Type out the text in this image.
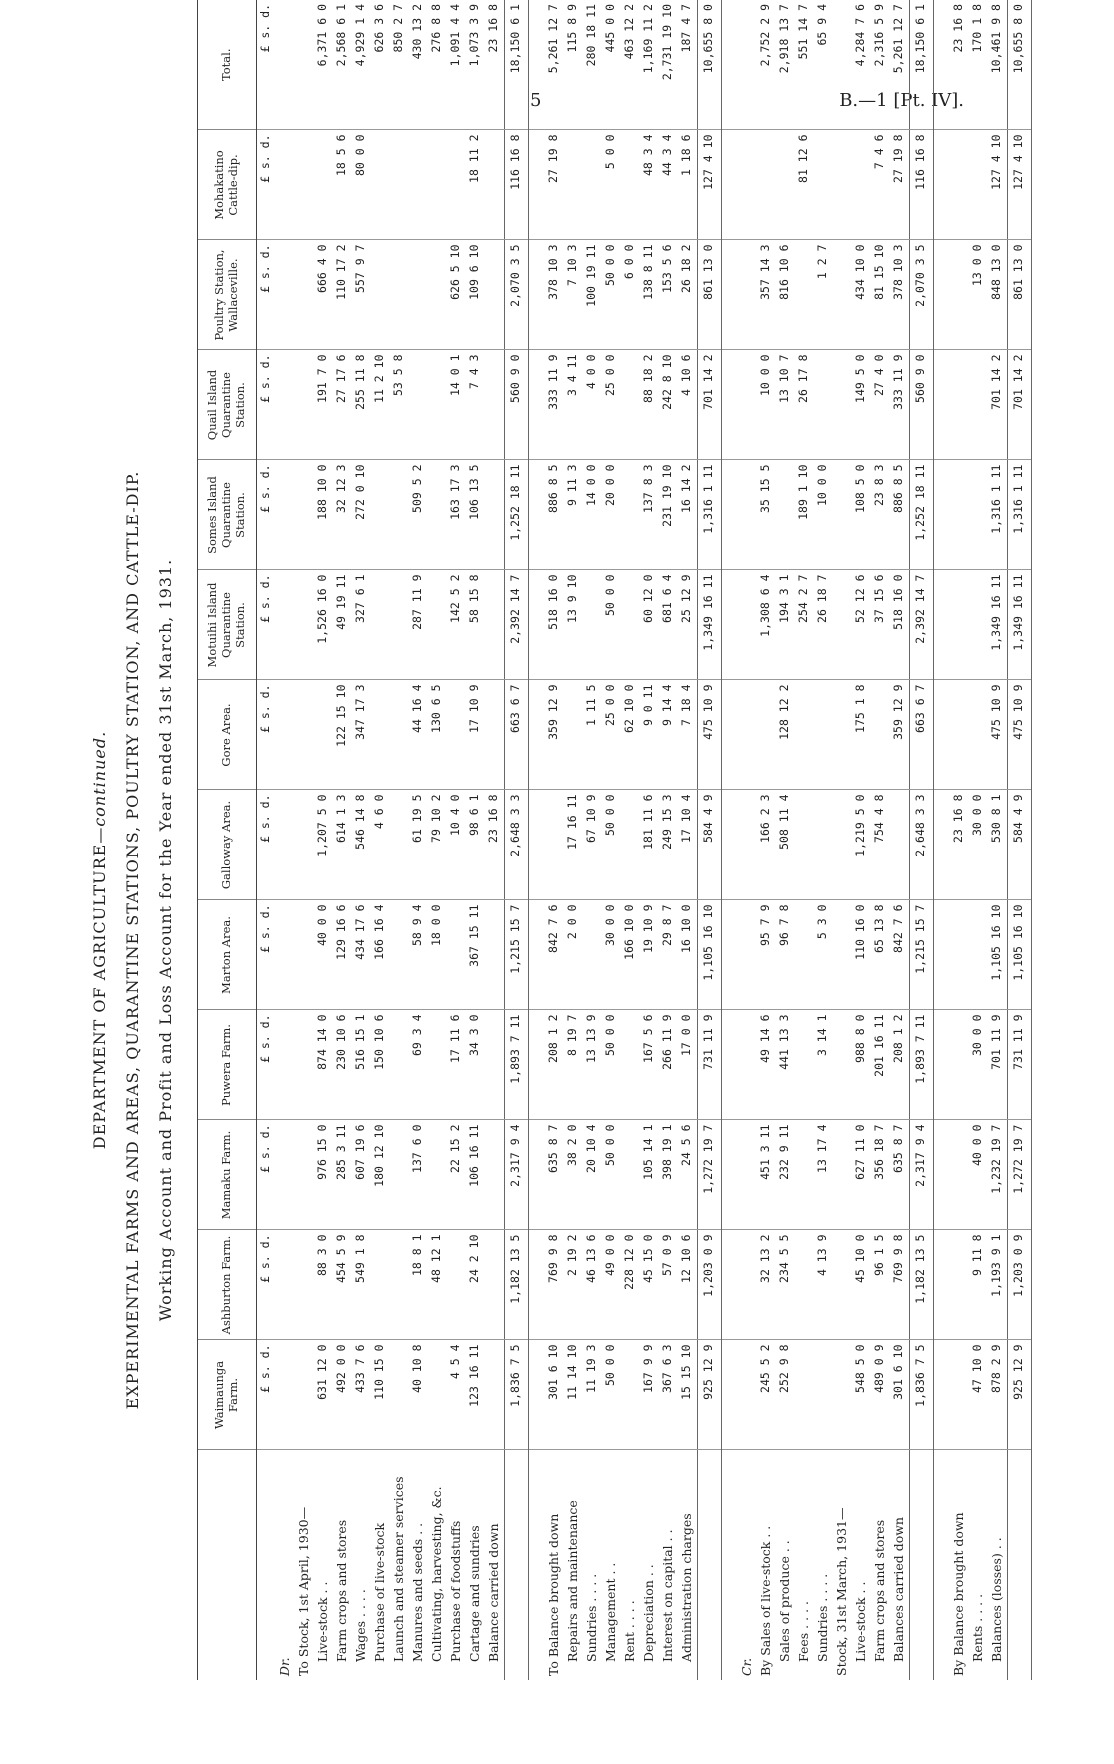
5	B.—1 [Pt. IV].

DEPARTMENT OF AGRICULTURE—continued. EXPERIMENTAL FARMS AND AREAS, QUARANTINE STATIONS, POULTRY STATION, AND CATTLE-DIP. Working Account and Profit and Loss Account for the Year ended 31st March, 1931.

	Waimaunga Farm.	Ashburton Farm.	Mamaku Farm.	Puwera Farm.	Marton Area.	Galloway Area.	Gore Area.	Motuihi Island Quarantine Station.	Somes Island Quarantine Station.	Quail Island Quarantine Station.	Poultry Station, Wallaceville.	Mohakatino Cattle-dip.	Total.
	£ s. d.	£ s. d.	£ s. d.	£ s. d.	£ s. d.	£ s. d.	£ s. d.	£ s. d.	£ s. d.	£ s. d.	£ s. d.	£ s. d.	£ s. d.
Dr.													
To Stock, 1st April, 1930—													
Live-stock . .	631 12 0	88 3 0	976 15 0	874 14 0	40 0 0	1,207 5 0		1,526 16 0	188 10 0	191 7 0	666 4 0		6,371 6 0
Farm crops and stores	492 0 0	454 5 9	285 3 11	230 10 6	129 16 6	614 1 3	122 15 10	49 19 11	32 12 3	27 17 6	110 17 2	18 5 6	2,568 6 1
Wages . . . .	433 7 6	549 1 8	607 19 6	516 15 1	434 17 6	546 14 8	347 17 3	327 6 1	272 0 10	255 11 8	557 9 7	80 0 0	4,929 1 4
Purchase of live-stock	110 15 0		180 12 10	150 10 6	166 16 4	4 6 0				11 2 10			626 3 6
Launch and steamer services										53 5 8			850 2 7
Manures and seeds . .	40 10 8	18 8 1	137 6 0	69 3 4	58 9 4	61 19 5	44 16 4	287 11 9	509 5 2				430 13 2
Cultivating, harvesting, &c.		48 12 1			18 0 0	79 10 2	130 6 5						276 8 8
Purchase of foodstuffs	4 5 4		22 15 2	17 11 6		10 4 0		142 5 2	163 17 3	14 0 1	626 5 10		1,091 4 4
Cartage and sundries	123 16 11	24 2 10	106 16 11	34 3 0	367 15 11	98 6 1	17 10 9	58 15 8	106 13 5	7 4 3	109 6 10	18 11 2	1,073 3 9
Balance carried down						23 16 8							23 16 8
	1,836 7 5	1,182 13 5	2,317 9 4	1,893 7 11	1,215 15 7	2,648 3 3	663 6 7	2,392 14 7	1,252 18 11	560 9 0	2,070 3 5	116 16 8	18,150 6 1

To Balance brought down	301 6 10	769 9 8	635 8 7	208 1 2	842 7 6		359 12 9	518 16 0	886 8 5	333 11 9	378 10 3	27 19 8	5,261 12 7
Repairs and maintenance	11 14 10	2 19 2	38 2 0	8 19 7	2 0 0	17 16 11		13 9 10	9 11 3	3 4 11	7 10 3		115 8 9
Sundries . . . .	11 19 3	46 13 6	20 10 4	13 13 9		67 10 9	1 11 5		14 0 0	4 0 0	100 19 11		280 18 11
Management . .	50 0 0	49 0 0	50 0 0	50 0 0	30 0 0	50 0 0	25 0 0	50 0 0	20 0 0	25 0 0	50 0 0	5 0 0	445 0 0
Rent . . . .		228 12 0			166 10 0		62 10 0				6 0 0		463 12 2
Depreciation . .	167 9 9	45 15 0	105 14 1	167 5 6	19 10 9	181 11 6	9 0 11	60 12 0	137 8 3	88 18 2	138 8 11	48 3 4	1,169 11 2
Interest on capital . .	367 6 3	57 0 9	398 19 1	266 11 9	29 8 7	249 15 3	9 14 4	681 6 4	231 19 10	242 8 10	153 5 6	44 3 4	2,731 19 10
Administration charges	15 15 10	12 10 6	24 5 6	17 0 0	16 10 0	17 10 4	7 18 4	25 12 9	16 14 2	4 10 6	26 18 2	1 18 6	187 4 7
	925 12 9	1,203 0 9	1,272 19 7	731 11 9	1,105 16 10	584 4 9	475 10 9	1,349 16 11	1,316 1 11	701 14 2	861 13 0	127 4 10	10,655 8 0

Cr.													
By Sales of live-stock . .	245 5 2	32 13 2	451 3 11	49 14 6	95 7 9	166 2 3		1,308 6 4	35 15 5	10 0 0	357 14 3		2,752 2 9
Sales of produce . .	252 9 8	234 5 5	232 9 11	441 13 3	96 7 8	508 11 4	128 12 2	194 3 1		13 10 7	816 10 6		2,918 13 7
Fees . . . .								254 2 7	189 1 10	26 17 8		81 12 6	551 14 7
Sundries . . . .		4 13 9	13 17 4	3 14 1	5 3 0			26 18 7	10 0 0		1 2 7		65 9 4
Stock, 31st March, 1931—													
Live-stock . .	548 5 0	45 10 0	627 11 0	988 8 0	110 16 0	1,219 5 0	175 1 8	52 12 6	108 5 0	149 5 0	434 10 0		4,284 7 6
Farm crops and stores	489 0 9	96 1 5	356 18 7	201 16 11	65 13 8	754 4 8		37 15 6	23 8 3	27 4 0	81 15 10	7 4 6	2,316 5 9
Balances carried down	301 6 10	769 9 8	635 8 7	208 1 2	842 7 6		359 12 9	518 16 0	886 8 5	333 11 9	378 10 3	27 19 8	5,261 12 7
	1,836 7 5	1,182 13 5	2,317 9 4	1,893 7 11	1,215 15 7	2,648 3 3	663 6 7	2,392 14 7	1,252 18 11	560 9 0	2,070 3 5	116 16 8	18,150 6 1

By Balance brought down						23 16 8							23 16 8
Rents . . . .	47 10 0	9 11 8	40 0 0	30 0 0		30 0 0					13 0 0		170 1 8
Balances (losses) . .	878 2 9	1,193 9 1	1,232 19 7	701 11 9	1,105 16 10	530 8 1	475 10 9	1,349 16 11	1,316 1 11	701 14 2	848 13 0	127 4 10	10,461 9 8
	925 12 9	1,203 0 9	1,272 19 7	731 11 9	1,105 16 10	584 4 9	475 10 9	1,349 16 11	1,316 1 11	701 14 2	861 13 0	127 4 10	10,655 8 0
